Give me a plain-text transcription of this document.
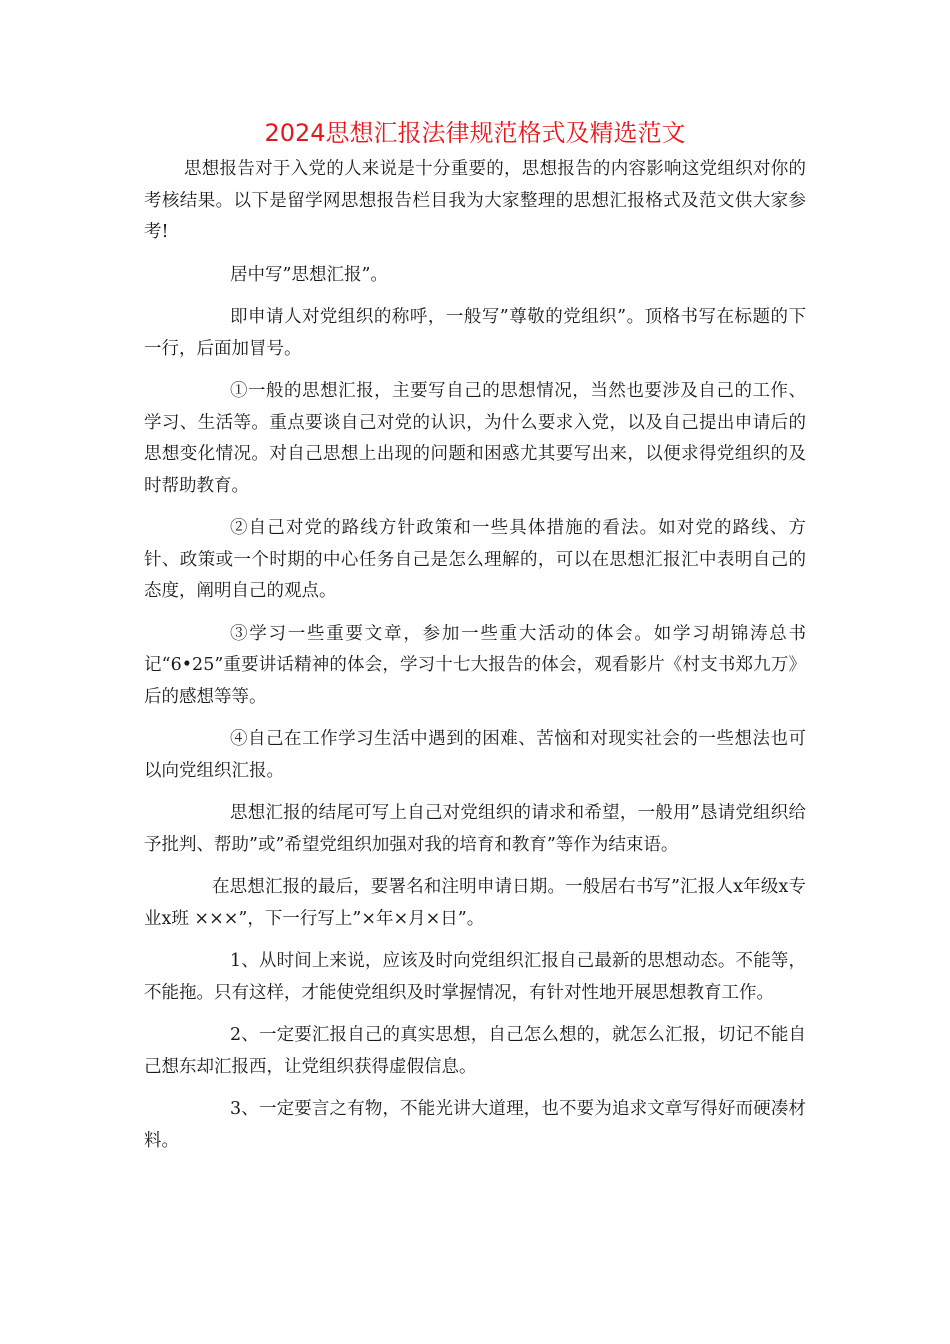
2024思想汇报法律规范格式及精选范文

思想报告对于入党的人来说是十分重要的，思想报告的内容影响这党组织对你的考核结果。以下是留学网思想报告栏目我为大家整理的思想汇报格式及范文供大家参考!

居中写”思想汇报”。

即申请人对党组织的称呼，一般写”尊敬的党组织”。顶格书写在标题的下一行，后面加冒号。

①一般的思想汇报，主要写自己的思想情况，当然也要涉及自己的工作、学习、生活等。重点要谈自己对党的认识，为什么要求入党，以及自己提出申请后的思想变化情况。对自己思想上出现的问题和困惑尤其要写出来，以便求得党组织的及时帮助教育。

②自己对党的路线方针政策和一些具体措施的看法。如对党的路线、方针、政策或一个时期的中心任务自己是怎么理解的，可以在思想汇报汇中表明自己的态度，阐明自己的观点。

③学习一些重要文章，参加一些重大活动的体会。如学习胡锦涛总书记“6•25”重要讲话精神的体会，学习十七大报告的体会，观看影片《村支书郑九万》后的感想等等。

④自己在工作学习生活中遇到的困难、苦恼和对现实社会的一些想法也可以向党组织汇报。

思想汇报的结尾可写上自己对党组织的请求和希望，一般用”恳请党组织给予批判、帮助”或”希望党组织加强对我的培育和教育”等作为结束语。

在思想汇报的最后，要署名和注明申请日期。一般居右书写”汇报人x年级x专业x班 ×××”，下一行写上”×年×月×日”。

1、从时间上来说，应该及时向党组织汇报自己最新的思想动态。不能等，不能拖。只有这样，才能使党组织及时掌握情况，有针对性地开展思想教育工作。

2、一定要汇报自己的真实思想，自己怎么想的，就怎么汇报，切记不能自己想东却汇报西，让党组织获得虚假信息。

3、一定要言之有物，不能光讲大道理，也不要为追求文章写得好而硬凑材料。
